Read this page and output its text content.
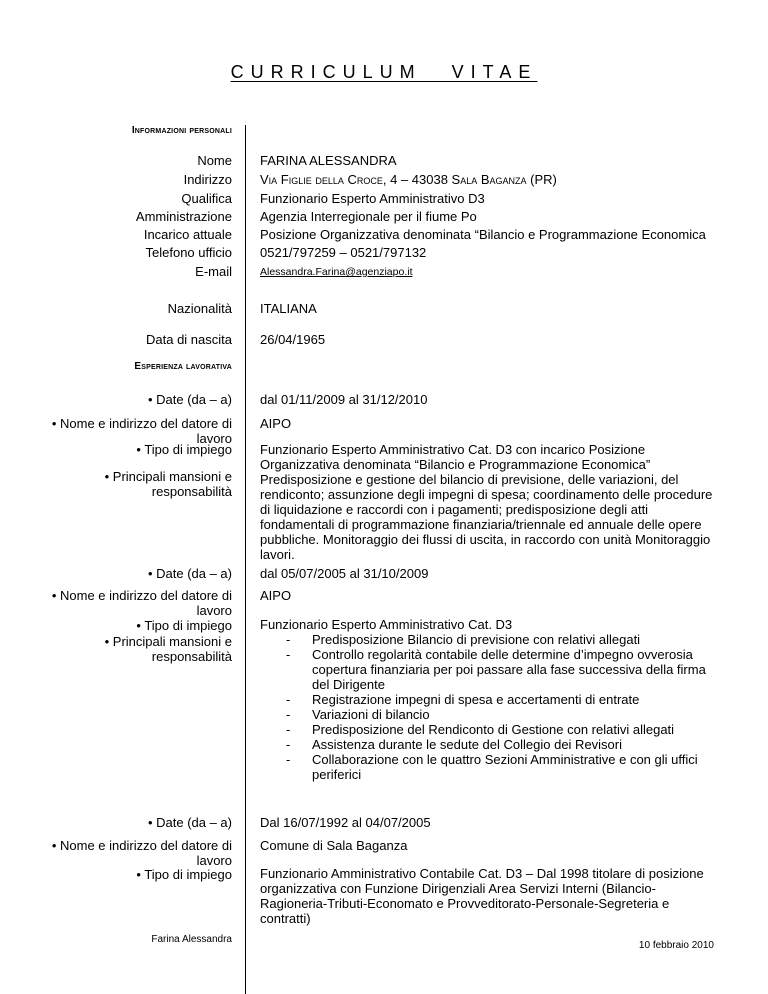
CURRICULUM VITAE
Informazioni personali
Nome FARINA ALESSANDRA
Indirizzo Via Figlie della Croce, 4 – 43038 Sala Baganza (PR)
Qualifica Funzionario Esperto Amministrativo D3
Amministrazione Agenzia Interregionale per il fiume Po
Incarico attuale Posizione Organizzativa denominata “Bilancio e Programmazione Economica
Telefono ufficio 0521/797259 – 0521/797132
E-mail	Alessandra.Farina@agenziapo.it
Nazionalità ITALIANA
Data di nascita 26/04/1965
Esperienza lavorativa
• Date (da – a) dal 01/11/2009 al 31/12/2010
• Nome e indirizzo del datore di lavoro
AIPO
• Tipo di impiego
• Principali mansioni e responsabilità
Funzionario Esperto Amministrativo Cat. D3 con incarico Posizione Organizzativa denominata “Bilancio e Programmazione Economica” Predisposizione e gestione del bilancio di previsione, delle variazioni, del rendiconto; assunzione degli impegni di spesa; coordinamento delle procedure di liquidazione e raccordi con i pagamenti; predisposizione degli atti fondamentali di programmazione finanziaria/triennale ed annuale delle opere pubbliche. Monitoraggio dei flussi di uscita, in raccordo con unità Monitoraggio lavori.
• Date (da – a) dal 05/07/2005 al 31/10/2009
• Nome e indirizzo del datore di lavoro
AIPO
• Tipo di impiego
• Principali mansioni e responsabilità
Funzionario Esperto Amministrativo Cat. D3
- Predisposizione Bilancio di previsione con relativi allegati
- Controllo regolarità contabile delle determine d’impegno ovverosia copertura finanziaria per poi passare alla fase successiva della firma del Dirigente
- Registrazione impegni di spesa e accertamenti di entrate
- Variazioni di bilancio
- Predisposizione del Rendiconto di Gestione con relativi allegati
- Assistenza durante le sedute del Collegio dei Revisori
- Collaborazione con le quattro Sezioni Amministrative e con gli uffici periferici
• Date (da – a) Dal 16/07/1992 al 04/07/2005
• Nome e indirizzo del datore di lavoro
Comune di Sala Baganza
• Tipo di impiego Funzionario Amministrativo Contabile Cat. D3 – Dal 1998 titolare di posizione organizzativa con Funzione Dirigenziali Area Servizi Interni (Bilancio-Ragioneria-Tributi-Economato e Provveditorato-Personale-Segreteria e contratti)
Farina Alessandra
10 febbraio 2010
